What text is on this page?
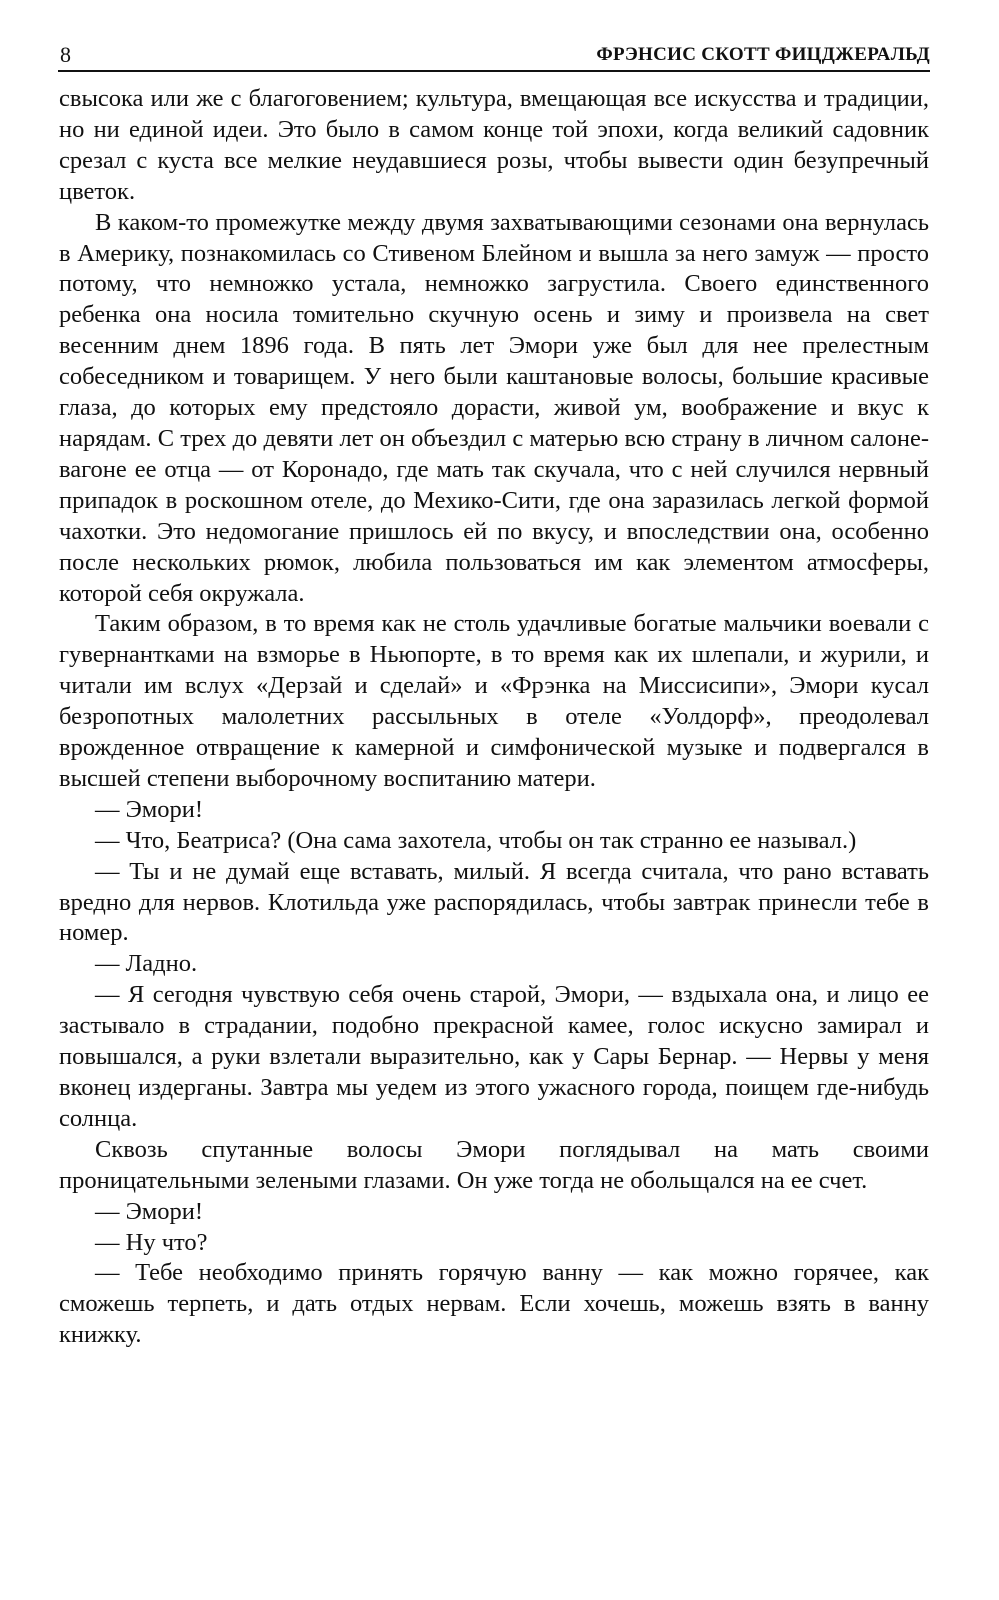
8	ФРЭНСИС СКОТТ ФИЦДЖЕРАЛЬД

свысока или же с благоговением; культура, вмещающая все искусства и традиции, но ни единой идеи. Это было в самом конце той эпохи, когда великий садовник срезал с куста все мелкие неудавшиеся розы, чтобы вывести один безупречный цветок.

В каком-то промежутке между двумя захватывающими сезонами она вернулась в Америку, познакомилась со Стивеном Блейном и вышла за него замуж — просто потому, что немножко устала, немножко загрустила. Своего единственного ребенка она носила томительно скучную осень и зиму и произвела на свет весенним днем 1896 года. В пять лет Эмори уже был для нее прелестным собеседником и товарищем. У него были каштановые волосы, большие красивые глаза, до которых ему предстояло дорасти, живой ум, воображение и вкус к нарядам. С трех до девяти лет он объездил с матерью всю страну в личном салоне-вагоне ее отца — от Коронадо, где мать так скучала, что с ней случился нервный припадок в роскошном отеле, до Мехико-Сити, где она заразилась легкой формой чахотки. Это недомогание пришлось ей по вкусу, и впоследствии она, особенно после нескольких рюмок, любила пользоваться им как элементом атмосферы, которой себя окружала.

Таким образом, в то время как не столь удачливые богатые мальчики воевали с гувернантками на взморье в Ньюпорте, в то время как их шлепали, и журили, и читали им вслух «Дерзай и сделай» и «Фрэнка на Миссисипи», Эмори кусал безропотных малолетних рассыльных в отеле «Уолдорф», преодолевал врожденное отвращение к камерной и симфонической музыке и подвергался в высшей степени выборочному воспитанию матери.

— Эмори!

— Что, Беатриса? (Она сама захотела, чтобы он так странно ее называл.)

— Ты и не думай еще вставать, милый. Я всегда считала, что рано вставать вредно для нервов. Клотильда уже распорядилась, чтобы завтрак принесли тебе в номер.

— Ладно.

— Я сегодня чувствую себя очень старой, Эмори, — вздыхала она, и лицо ее застывало в страдании, подобно прекрасной камее, голос искусно замирал и повышался, а руки взлетали выразительно, как у Сары Бернар. — Нервы у меня вконец издерганы. Завтра мы уедем из этого ужасного города, поищем где-нибудь солнца.

Сквозь спутанные волосы Эмори поглядывал на мать своими проницательными зелеными глазами. Он уже тогда не обольщался на ее счет.

— Эмори!

— Ну что?

— Тебе необходимо принять горячую ванну — как можно горячее, как сможешь терпеть, и дать отдых нервам. Если хочешь, можешь взять в ванну книжку.
